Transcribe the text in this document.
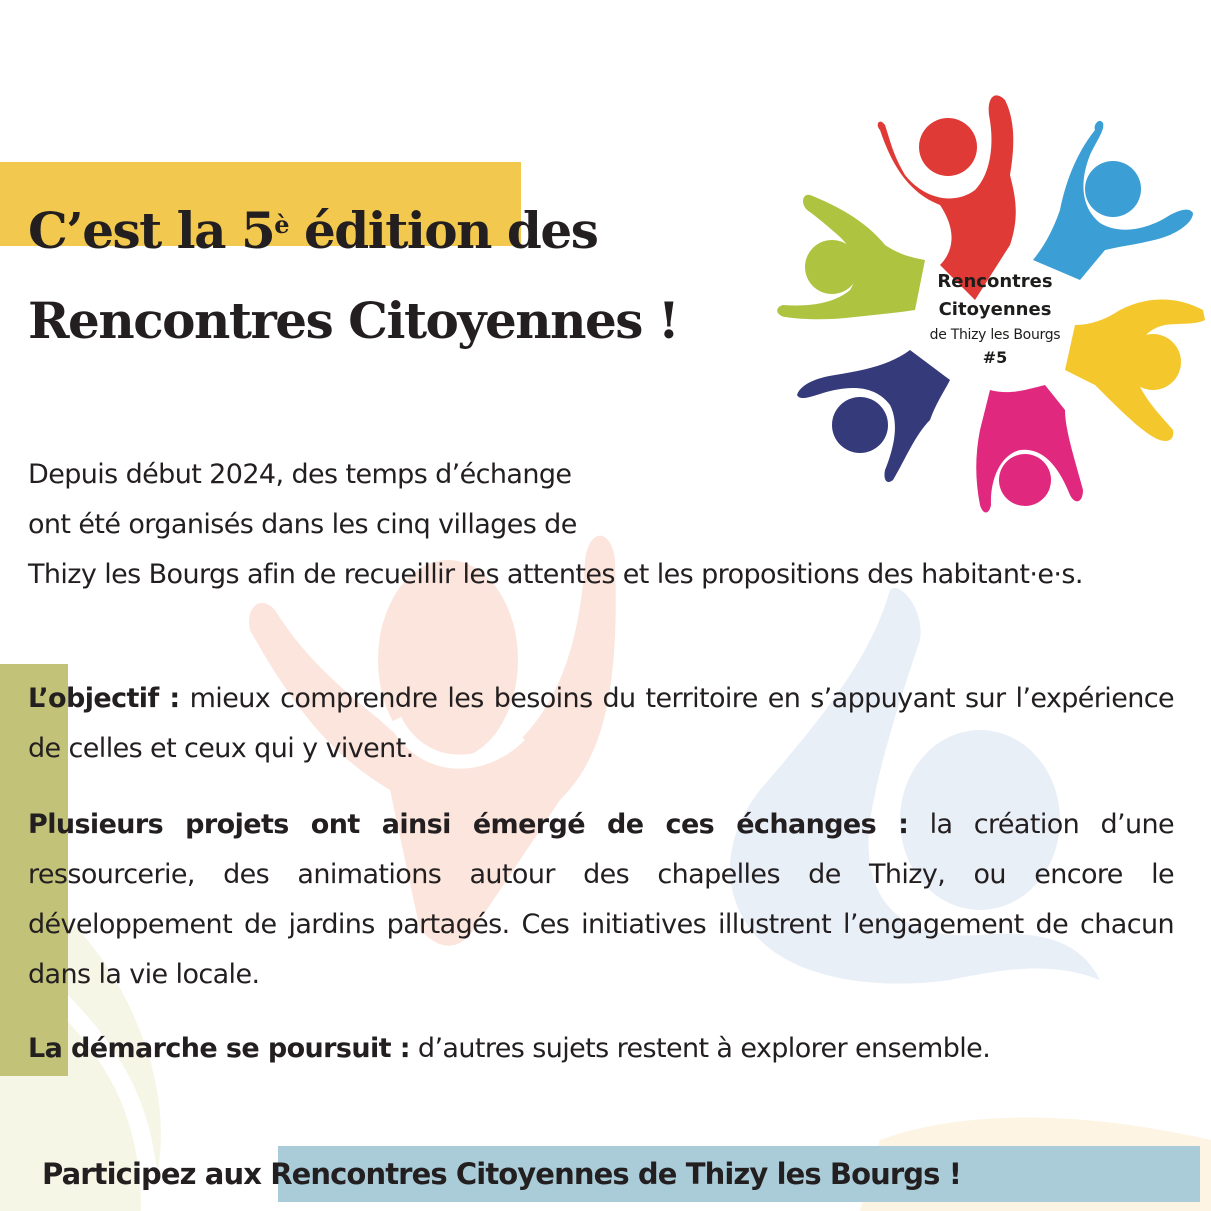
C’est la $5^è$ édition des
Rencontres Citoyennes !
Rencontres
Citoyennes
de Thizy les Bourgs
#5
Depuis début 2024, des temps d’échange
ont été organisés dans les cinq villages de
Thizy les Bourgs afin de recueillir les attentes et les propositions des habitant·e·s.
L’objectif : mieux comprendre les besoins du territoire en s’appuyant sur l’expérience de celles et ceux qui y vivent.
Plusieurs projets ont ainsi émergé de ces échanges : la création d’une ressourcerie, des animations autour des chapelles de Thizy, ou encore le développement de jardins partagés. Ces initiatives illustrent l’engagement de chacun dans la vie locale.
La démarche se poursuit : d’autres sujets restent à explorer ensemble.
Participez aux Rencontres Citoyennes de Thizy les Bourgs !
